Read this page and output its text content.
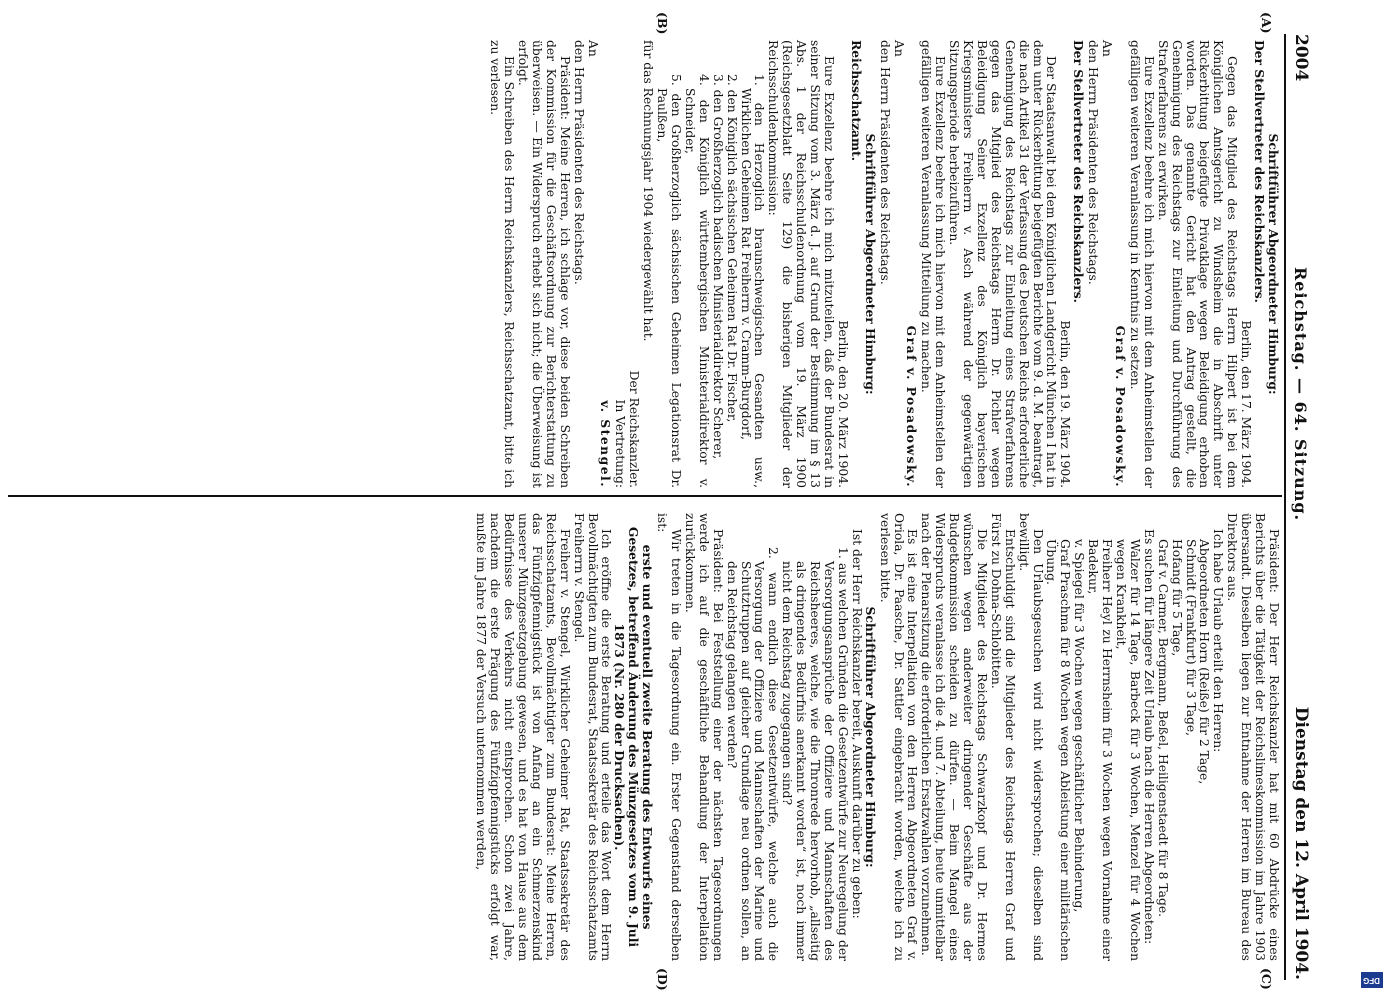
2004
Reichstag. — 64. Sitzung.
Dienstag den 12. April 1904.
(A)
(B)
(C)
(D)

Schriftführer Abgeordneter Himburg:

Der Stellvertreter des Reichskanzlers.

Berlin, den 17. März 1904.

Gegen das Mitglied des Reichstags Herrn Hilpert ist bei dem Königlichen Amtsgericht zu Windsheim die in Abschrift unter Rückerbittung beigefügte Privatklage wegen Beleidigung erhoben worden. Das genannte Gericht hat den Antrag gestellt, die Genehmigung des Reichstags zur Einleitung und Durchführung des Strafverfahrens zu erwirken.

Eure Exzellenz beehre ich mich hiervon mit dem Anheimstellen der gefälligen weiteren Veranlassung in Kenntnis zu setzen.

Graf v. Posadowsky.

An

den Herrn Präsidenten des Reichstags.

Der Stellvertreter des Reichskanzlers.

Berlin, den 19. März 1904.

Der Staatsanwalt bei dem Königlichen Landgericht München I hat in dem unter Rückerbittung beigefügten Berichte vom 9. d. M. beantragt, die nach Artikel 31 der Verfassung des Deutschen Reichs erforderliche Genehmigung des Reichstags zur Einleitung eines Strafverfahrens gegen das Mitglied des Reichstags Herrn Dr. Pichler wegen Beleidigung Seiner Exzellenz des Königlich bayerischen Kriegsministers Freiherrn v. Asch während der gegenwärtigen Sitzungsperiode herbeizuführen.

Eure Exzellenz beehre ich mich hiervon mit dem Anheimstellen der gefälligen weiteren Veranlassung Mitteilung zu machen.

Graf v. Posadowsky.

An

den Herrn Präsidenten des Reichstags.

Schriftführer Abgeordneter Himburg:

Reichsschatzamt.

Berlin, den 20. März 1904.

Eure Exzellenz beehre ich mich mitzuteilen, daß der Bundesrat in seiner Sitzung vom 3. März d. J. auf Grund der Bestimmung im § 13 Abs. 1 der Reichsschuldenordnung vom 19. März 1900 (Reichsgesetzblatt Seite 129) die bisherigen Mitglieder der Reichsschuldenkommission:

1. den Herzoglich braunschweigischen Gesandten usw., Wirklichen Geheimen Rat Freiherrn v. Cramm-Burgdorf,

2. den Königlich sächsischen Geheimen Rat Dr. Fischer,

3. den Großherzoglich badischen Ministerialdirektor Scherer,

4. den Königlich württembergischen Ministerialdirektor v. Schneider,

5. den Großherzoglich sächsischen Geheimen Legationsrat Dr. Paulßen,

für das Rechnungsjahr 1904 wiedergewählt hat.

Der Reichskanzler.

In Vertretung:

v. Stengel.

An

den Herrn Präsidenten des Reichstags.

Präsident: Meine Herren, ich schlage vor, diese beiden Schreiben der Kommission für die Geschäftsordnung zur Berichterstattung zu überweisen. — Ein Widerspruch erhebt sich nicht; die Überweisung ist erfolgt.

Ein Schreiben des Herrn Reichskanzlers, Reichsschatzamt, bitte ich zu verlesen.

Präsident: Der Herr Reichskanzler hat mit 60 Abdrücke eines Berichts über die Tätigkeit der Reichslimeskommission im Jahre 1903 übersandt. Dieselben liegen zur Entnahme der Herren im Bureau des Direktors aus.

Ich habe Urlaub erteilt den Herren:

Abgeordneten Horn (Reiße) für 2 Tage,

Schmidt (Frankfurt) für 3 Tage,

Hofang für 5 Tage,

Graf v. Carmer, Bergmann, Beßel, Heiligenstaedt für 8 Tage.

Es suchen für längere Zeit Urlaub nach die Herren Abgeordneten:

Walzer für 14 Tage, Barbeck für 3 Wochen, Menzel für 4 Wochen wegen Krankheit,

Freiherr Heyl zu Herrnsheim für 3 Wochen wegen Vornahme einer Badekur,

v. Spiegel für 3 Wochen wegen geschäftlicher Behinderung,

Graf Praschma für 8 Wochen wegen Ableistung einer militärischen Übung.

Den Urlaubsgesuchen wird nicht widersprochen; dieselben sind bewilligt.

Entschuldigt sind die Mitglieder des Reichstags Herren Graf und Fürst zu Dohna-Schlobitten.

Die Mitglieder des Reichstags Schwarzkopf und Dr. Hermes wünschen wegen anderweiter dringender Geschäfte aus der Budgetkommission scheiden zu dürfen. — Beim Mangel eines Widerspruchs veranlasse ich die 4. und 7. Abteilung, heute unmittelbar nach der Plenarsitzung die erforderlichen Ersatzwahlen vorzunehmen.

Es ist eine Interpellation von den Herren Abgeordneten Graf v. Oriola, Dr. Paasche, Dr. Sattler eingebracht worden, welche ich zu verlesen bitte.

Schriftführer Abgeordneter Himburg:

Ist der Herr Reichskanzler bereit, Auskunft darüber zu geben:

1. aus welchen Gründen die Gesetzentwürfe zur Neuregelung der Versorgungsansprüche der Offiziere und Mannschaften des Reichsheeres, welche, wie die Thronrede hervorhob, „allseitig als dringendes Bedürfnis anerkannt worden“ ist, noch immer nicht dem Reichstag zugegangen sind?

2. wann endlich diese Gesetzentwürfe, welche auch die Versorgung der Offiziere und Mannschaften der Marine und Schutztruppen auf gleicher Grundlage neu ordnen sollen, an den Reichstag gelangen werden?

Präsident: Bei Feststellung einer der nächsten Tagesordnungen werde ich auf die geschäftliche Behandlung der Interpellation zurückkommen.

Wir treten in die Tagesordnung ein. Erster Gegenstand derselben ist:

erste und eventuell zweite Beratung des Entwurfs eines Gesetzes, betreffend Änderung des Münzgesetzes vom 9. Juli 1873 (Nr. 280 der Drucksachen).

Ich eröffne die erste Beratung und erteile das Wort dem Herrn Bevollmächtigten zum Bundesrat, Staatssekretär des Reichsschatzamts Freiherrn v. Stengel.

Freiherr v. Stengel, Wirklicher Geheimer Rat, Staatssekretär des Reichsschatzamts, Bevollmächtigter zum Bundesrat: Meine Herren, das Fünfzigpfennigstück ist von Anfang an ein Schmerzenskind unserer Münzgesetzgebung gewesen, und es hat von Hause aus dem Bedürfnisse des Verkehrs nicht entsprochen. Schon zwei Jahre, nachdem die erste Prägung des Fünfzigpfennigstücks erfolgt war, mußte im Jahre 1877 der Versuch unternommen werden,

DFG
